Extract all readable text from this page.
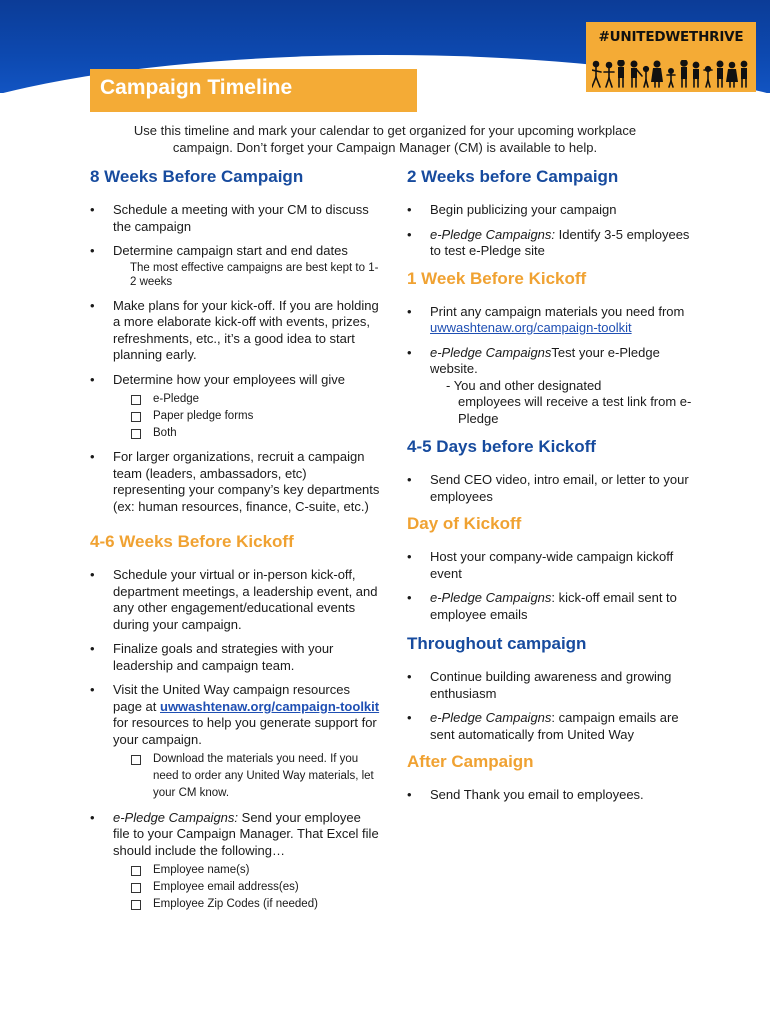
#UNITEDWETHRIVE
Campaign Timeline

Use this timeline and mark your calendar to get organized for your upcoming workplace campaign. Don’t forget your Campaign Manager (CM) is available to help.

8 Weeks Before Campaign
• Schedule a meeting with your CM to discuss the campaign
• Determine campaign start and end dates
The most effective campaigns are best kept to 1-2 weeks
• Make plans for your kick-off. If you are holding a more elaborate kick-off with events, prizes, refreshments, etc., it’s a good idea to start planning early.
• Determine how your employees will give
e-Pledge
Paper pledge forms
Both
• For larger organizations, recruit a campaign team (leaders, ambassadors, etc) representing your company’s key departments (ex: human resources, finance, C-suite, etc.)
4-6 Weeks Before Kickoff
• Schedule your virtual or in-person kick-off, department meetings, a leadership event, and any other engagement/educational events during your campaign.
• Finalize goals and strategies with your leadership and campaign team.
• Visit the United Way campaign resources page at uwwashtenaw.org/campaign-toolkit for resources to help you generate support for your campaign.
Download the materials you need. If you need to order any United Way materials, let your CM know.
• e-Pledge Campaigns: Send your employee file to your Campaign Manager. That Excel file should include the following…
Employee name(s)
Employee email address(es)
Employee Zip Codes (if needed)
2 Weeks before Campaign
• Begin publicizing your campaign
• e-Pledge Campaigns: Identify 3-5 employees to test e-Pledge site
1 Week Before Kickoff
• Print any campaign materials you need from uwwashtenaw.org/campaign-toolkit
• e-Pledge CampaignsTest your e-Pledge website.
- You and other designated
employees will receive a test link from e-Pledge
4-5 Days before Kickoff
• Send CEO video, intro email, or letter to your employees
Day of Kickoff
• Host your company-wide campaign kickoff event
• e-Pledge Campaigns: kick-off email sent to employee emails
Throughout campaign
• Continue building awareness and growing enthusiasm
• e-Pledge Campaigns: campaign emails are sent automatically from United Way
After Campaign
• Send Thank you email to employees.
